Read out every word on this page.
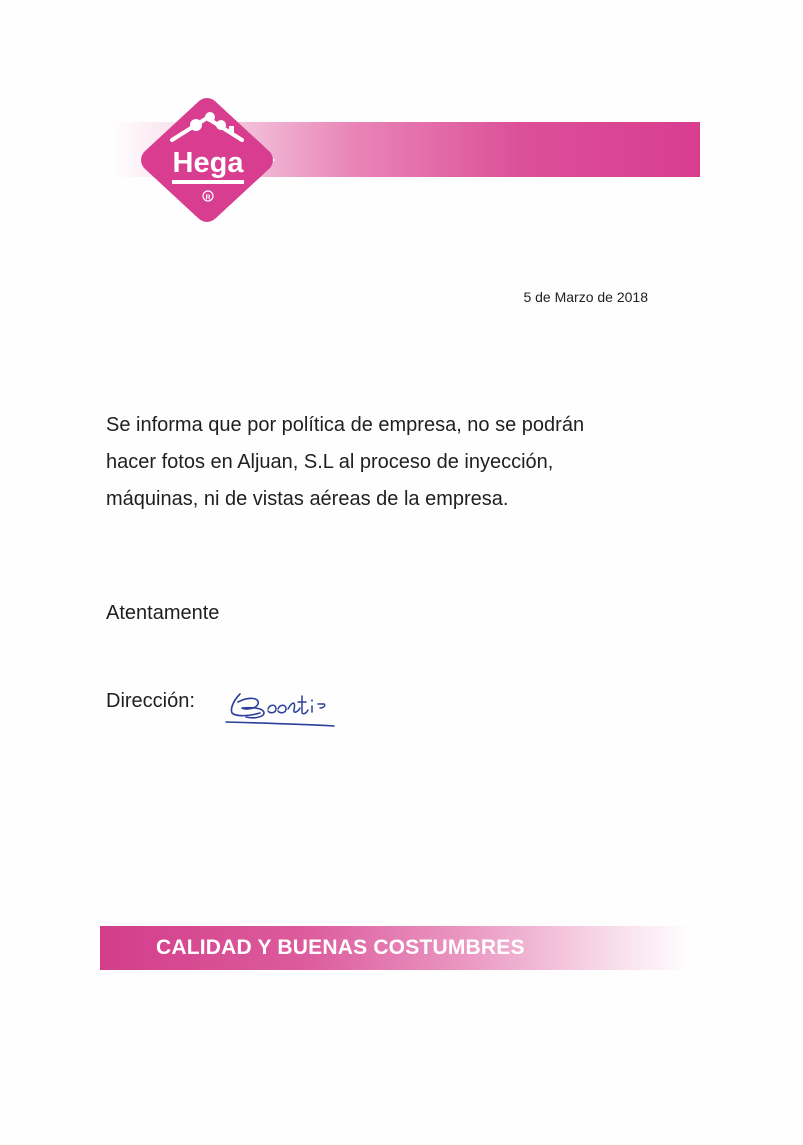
Hega
R
5 de Marzo de 2018

Se informa que por política de empresa, no se podrán
hacer fotos en Aljuan, S.L al proceso de inyección,
máquinas, ni de vistas aéreas de la empresa.

Atentamente
Dirección:
CALIDAD Y BUENAS COSTUMBRES
